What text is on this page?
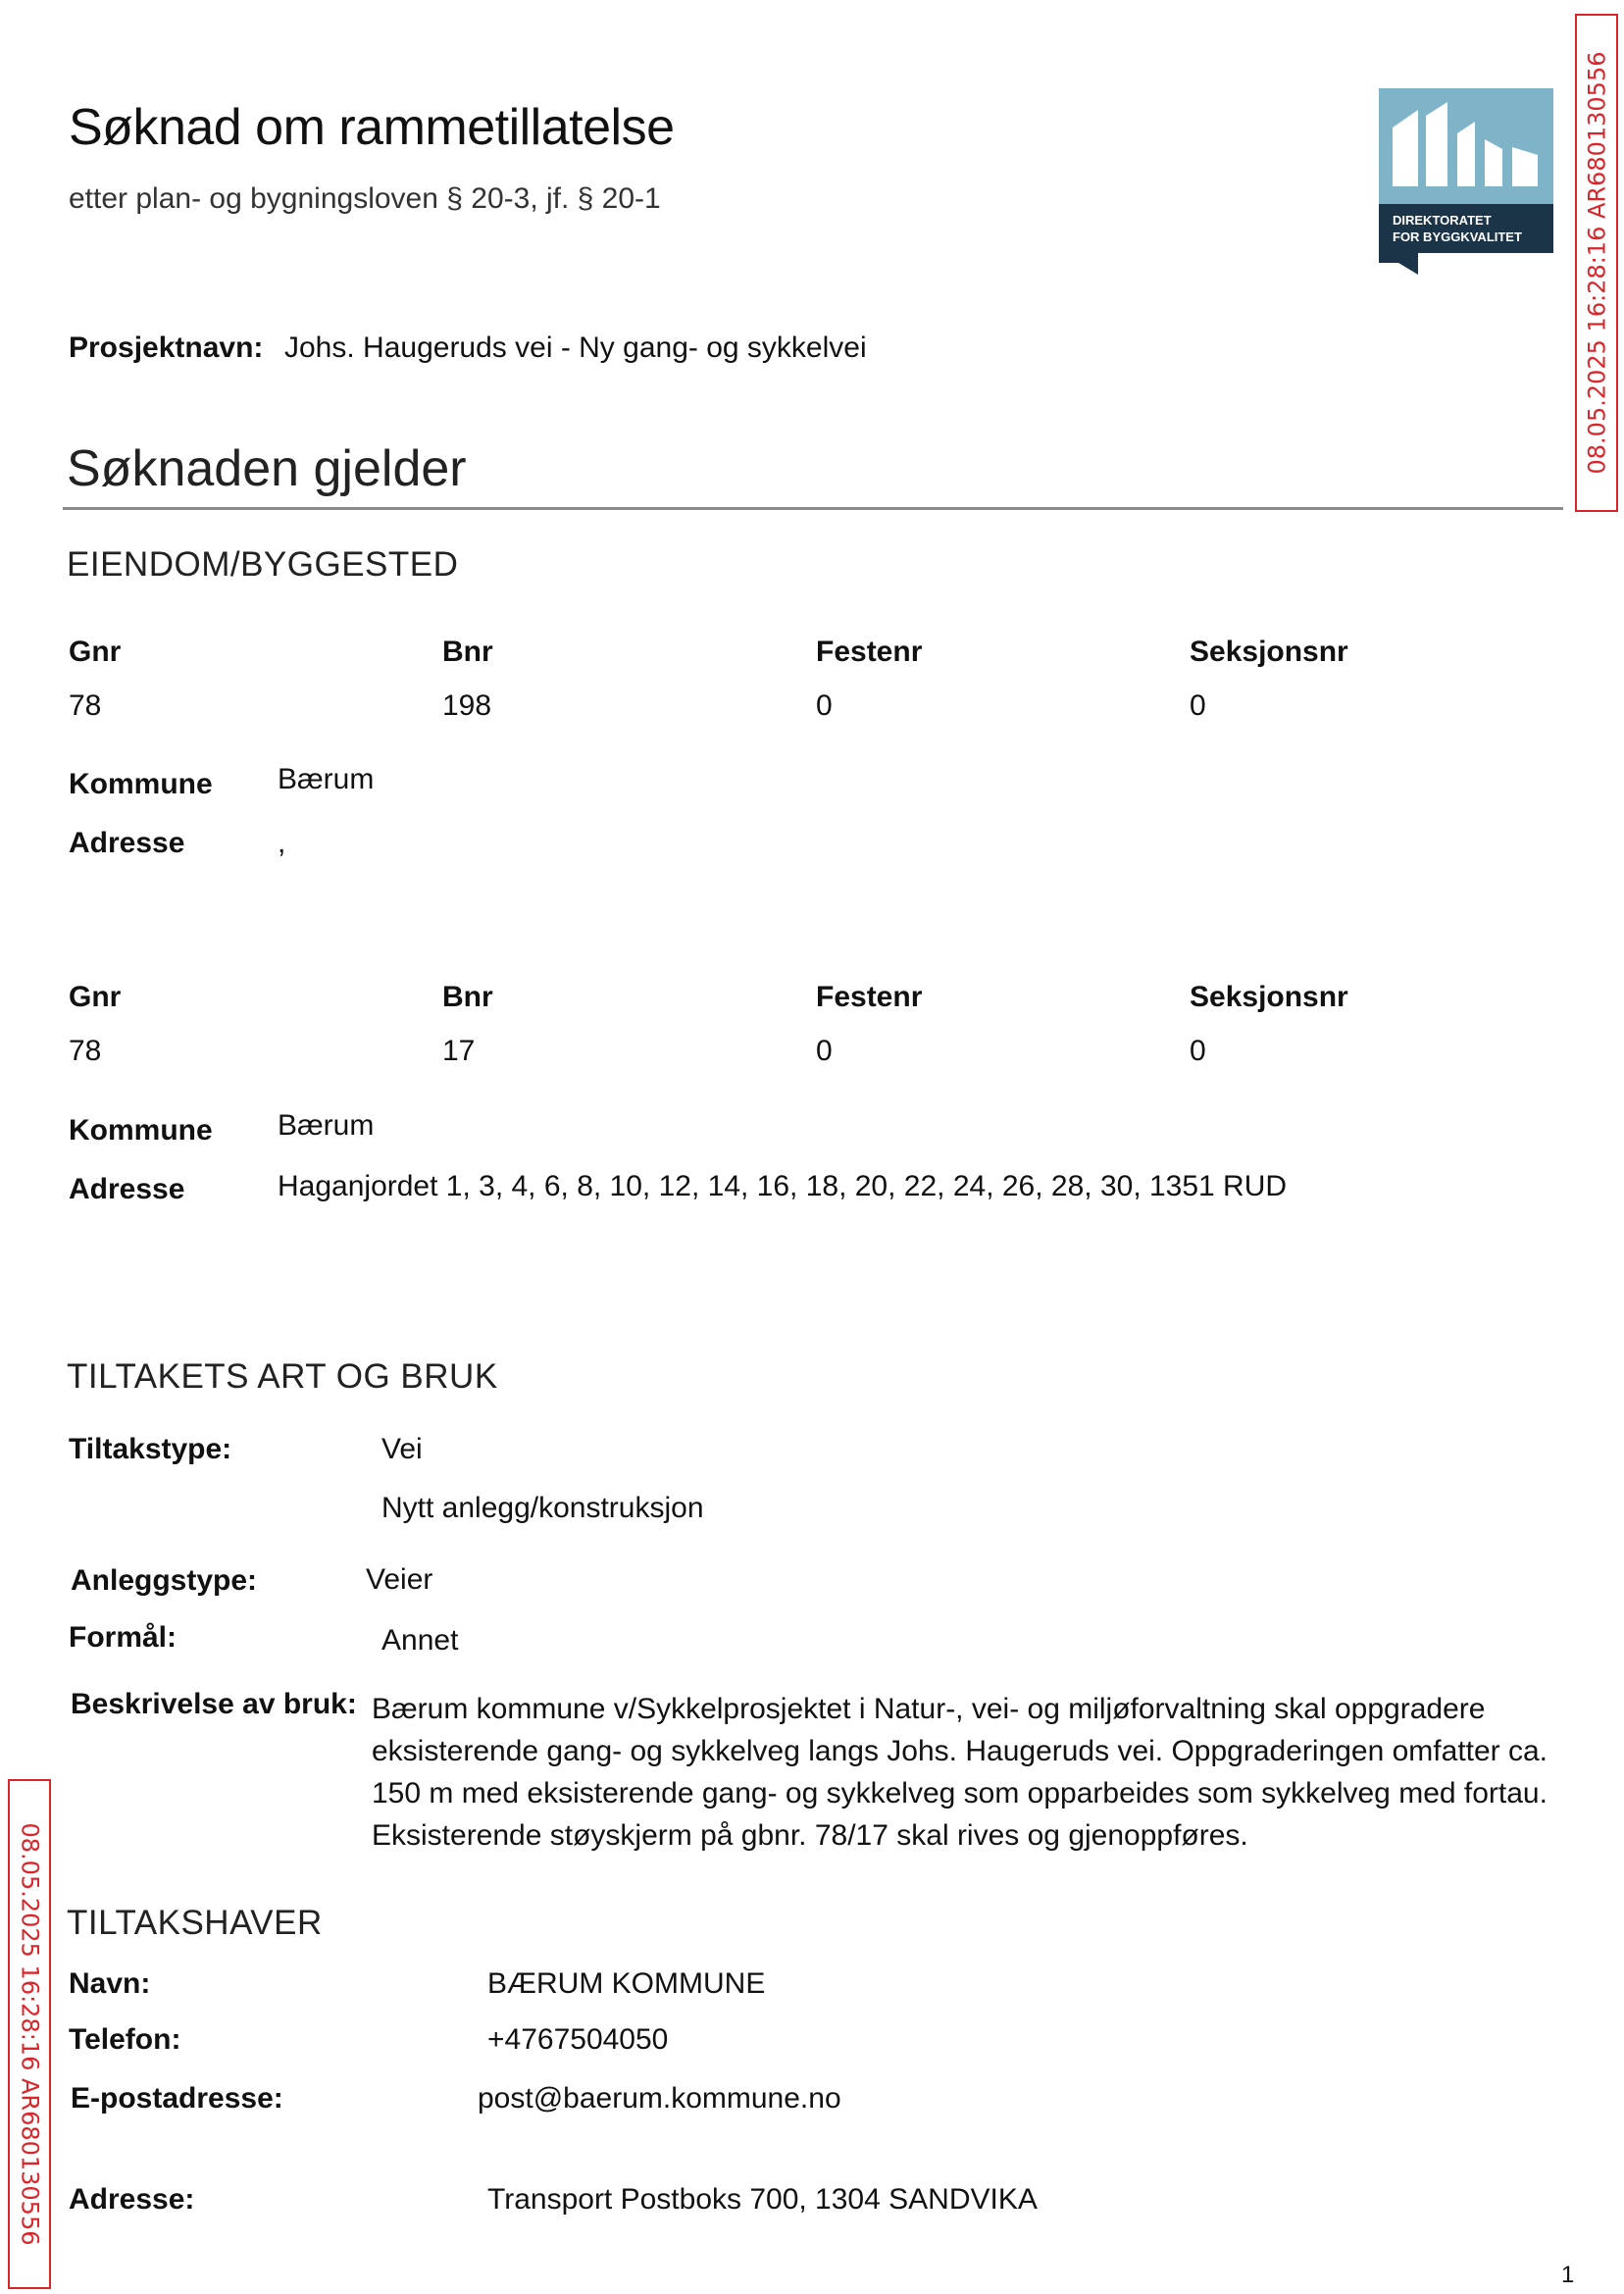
Søknad om rammetillatelse
etter plan- og bygningsloven § 20-3, jf. § 20-1
DIREKTORATET
FOR BYGGKVALITET	08.05.2025 16:28:16 AR680130556
08.05.2025 16:28:16 AR680130556
Prosjektnavn: Johs. Haugeruds vei - Ny gang- og sykkelvei
Søknaden gjelder
EIENDOM/BYGGESTED
Gnr	Bnr	Festenr	Seksjonsnr
78	198	0	0
Kommune Bærum
Adresse	,
Gnr	Bnr	Festenr	Seksjonsnr
78	17	0	0
Kommune Bærum
Adresse	Haganjordet 1, 3, 4, 6, 8, 10, 12, 14, 16, 18, 20, 22, 24, 26, 28, 30, 1351 RUD
TILTAKETS ART OG BRUK
Tiltakstype:	Vei
Nytt anlegg/konstruksjon
Anleggstype:	Veier
Formål:	Annet
Beskrivelse av bruk: Bærum kommune v/Sykkelprosjektet i Natur-, vei- og miljøforvaltning skal oppgradere eksisterende gang- og sykkelveg langs Johs. Haugeruds vei. Oppgraderingen omfatter ca. 150 m med eksisterende gang- og sykkelveg som opparbeides som sykkelveg med fortau. Eksisterende støyskjerm på gbnr. 78/17 skal rives og gjenoppføres.
TILTAKSHAVER
Navn:	BÆRUM KOMMUNE
Telefon:	+4767504050
E-postadresse:	post@baerum.kommune.no
Adresse:	Transport Postboks 700, 1304 SANDVIKA
1
